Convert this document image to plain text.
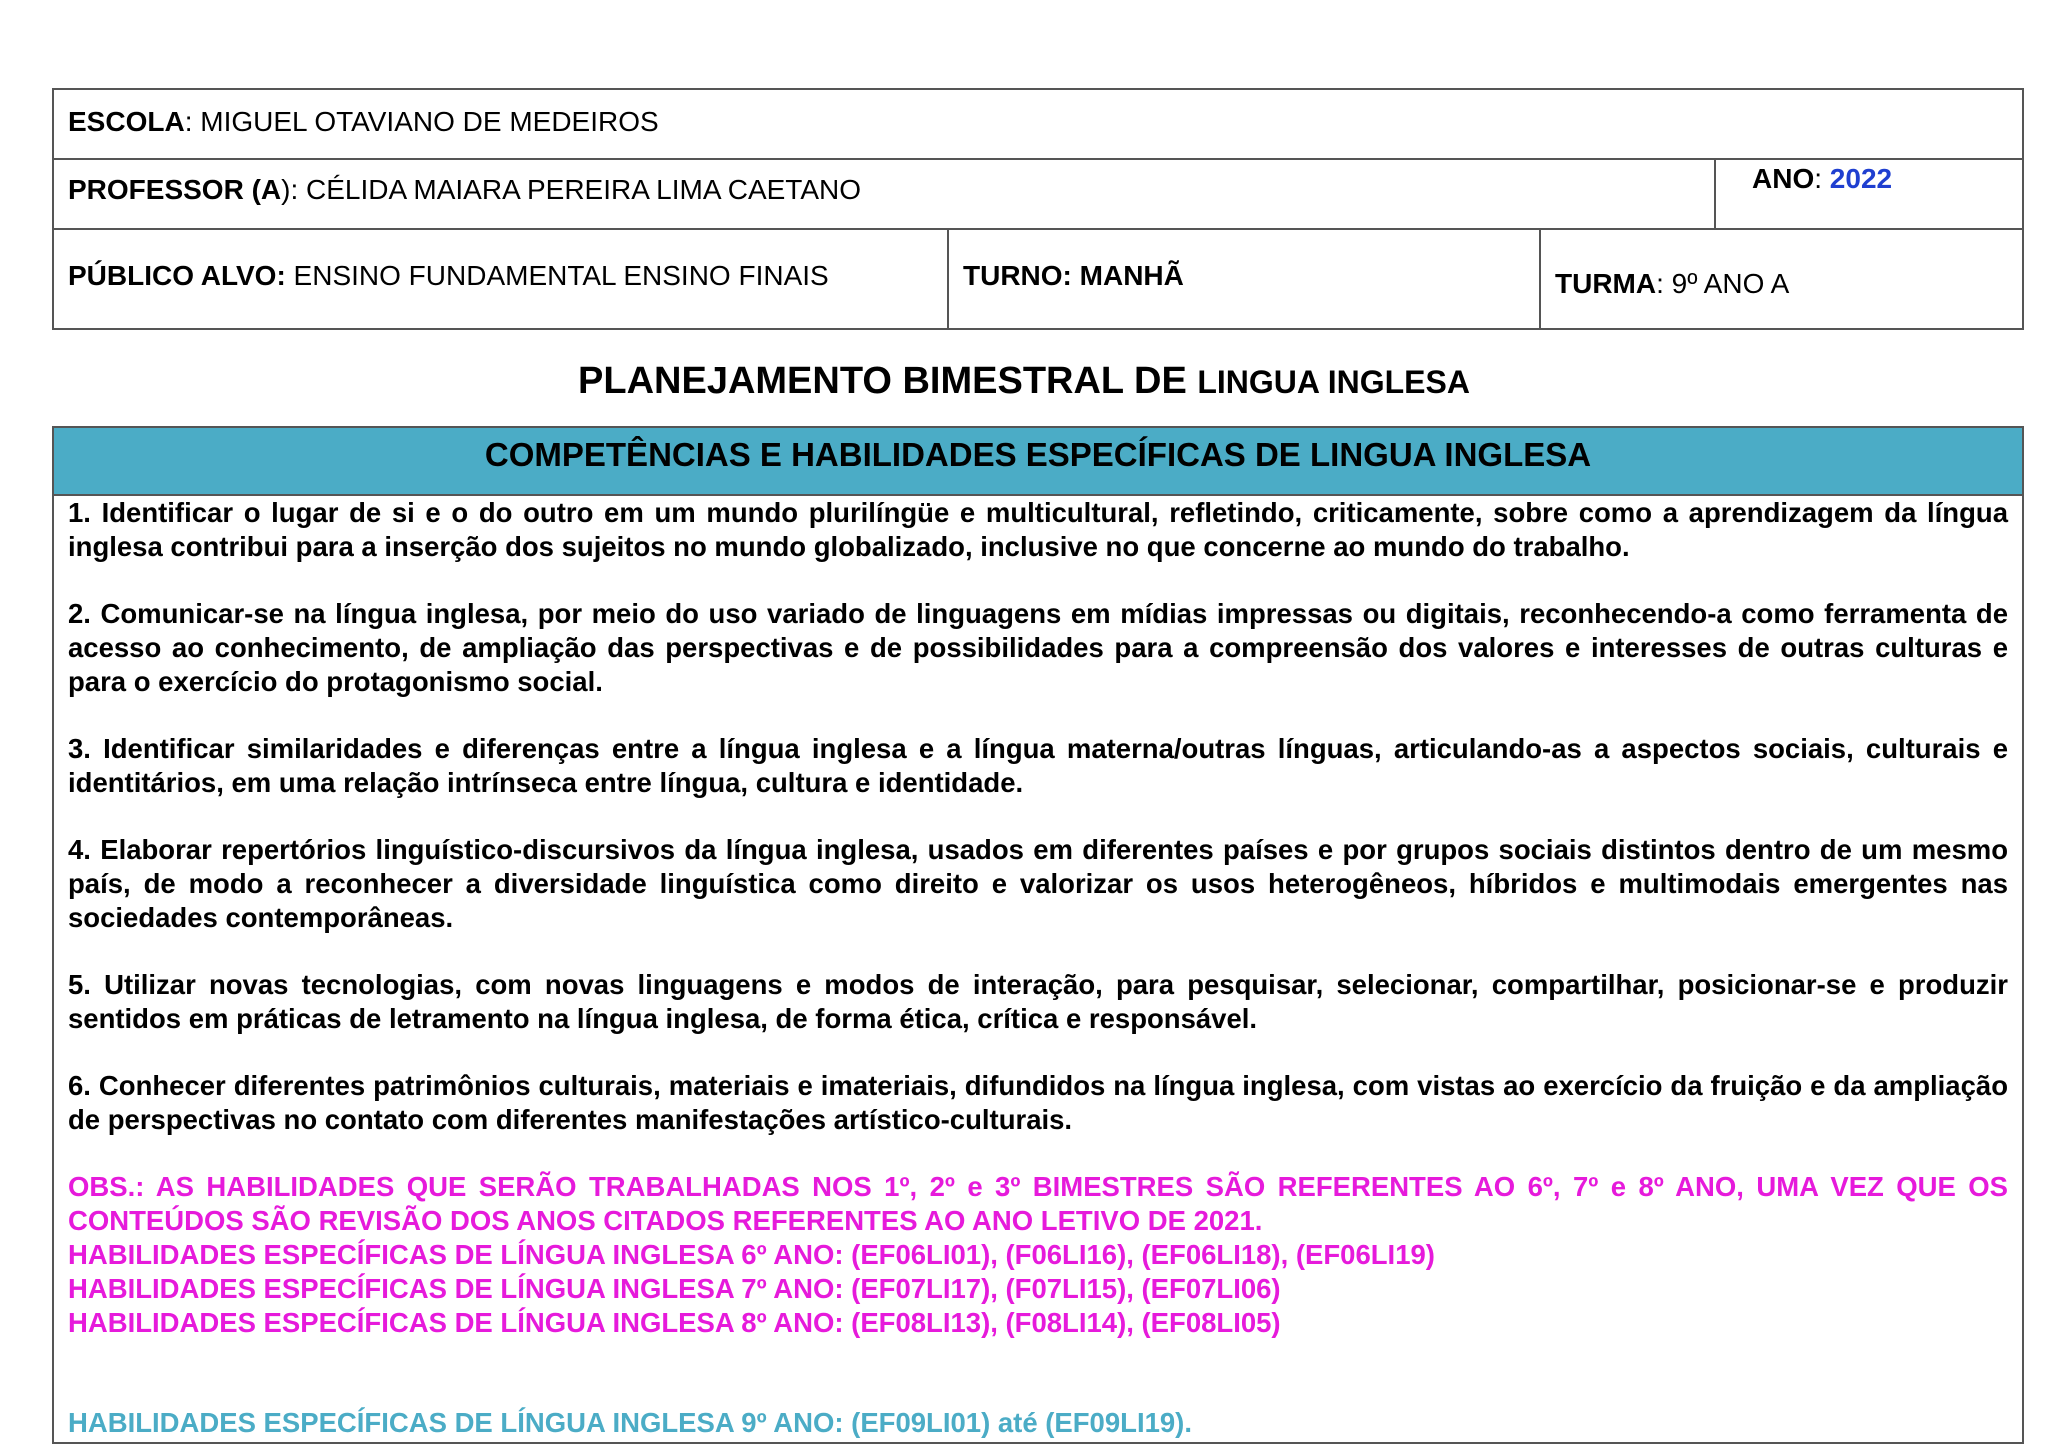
ESCOLA: MIGUEL OTAVIANO DE MEDEIROS
PROFESSOR (A): CÉLIDA MAIARA PEREIRA LIMA CAETANO	ANO: 2022
PÚBLICO ALVO: ENSINO FUNDAMENTAL ENSINO FINAIS	TURNO: MANHÃ	TURMA: 9º ANO A
PLANEJAMENTO BIMESTRAL DE LINGUA INGLESA
COMPETÊNCIAS E HABILIDADES ESPECÍFICAS DE LINGUA INGLESA

1. Identificar o lugar de si e o do outro em um mundo plurilíngüe e multicultural, refletindo, criticamente, sobre como a aprendizagem da língua inglesa contribui para a inserção dos sujeitos no mundo globalizado, inclusive no que concerne ao mundo do trabalho.

2. Comunicar-se na língua inglesa, por meio do uso variado de linguagens em mídias impressas ou digitais, reconhecendo-a como ferramenta de acesso ao conhecimento, de ampliação das perspectivas e de possibilidades para a compreensão dos valores e interesses de outras culturas e para o exercício do protagonismo social.

3. Identificar similaridades e diferenças entre a língua inglesa e a língua materna/outras línguas, articulando-as a aspectos sociais, culturais e identitários, em uma relação intrínseca entre língua, cultura e identidade.

4. Elaborar repertórios linguístico-discursivos da língua inglesa, usados em diferentes países e por grupos sociais distintos dentro de um mesmo país, de modo a reconhecer a diversidade linguística como direito e valorizar os usos heterogêneos, híbridos e multimodais emergentes nas sociedades contemporâneas.

5. Utilizar novas tecnologias, com novas linguagens e modos de interação, para pesquisar, selecionar, compartilhar, posicionar-se e produzir sentidos em práticas de letramento na língua inglesa, de forma ética, crítica e responsável.

6. Conhecer diferentes patrimônios culturais, materiais e imateriais, difundidos na língua inglesa, com vistas ao exercício da fruição e da ampliação de perspectivas no contato com diferentes manifestações artístico-culturais.

OBS.: AS HABILIDADES QUE SERÃO TRABALHADAS NOS 1º, 2º e 3º BIMESTRES SÃO REFERENTES AO 6º, 7º e 8º ANO, UMA VEZ QUE OS CONTEÚDOS SÃO REVISÃO DOS ANOS CITADOS REFERENTES AO ANO LETIVO DE 2021.

HABILIDADES ESPECÍFICAS DE LÍNGUA INGLESA 6º ANO: (EF06LI01), (F06LI16), (EF06LI18), (EF06LI19)

HABILIDADES ESPECÍFICAS DE LÍNGUA INGLESA 7º ANO: (EF07LI17), (F07LI15), (EF07LI06)

HABILIDADES ESPECÍFICAS DE LÍNGUA INGLESA 8º ANO: (EF08LI13), (F08LI14), (EF08LI05)

HABILIDADES ESPECÍFICAS DE LÍNGUA INGLESA 9º ANO: (EF09LI01) até (EF09LI19).
